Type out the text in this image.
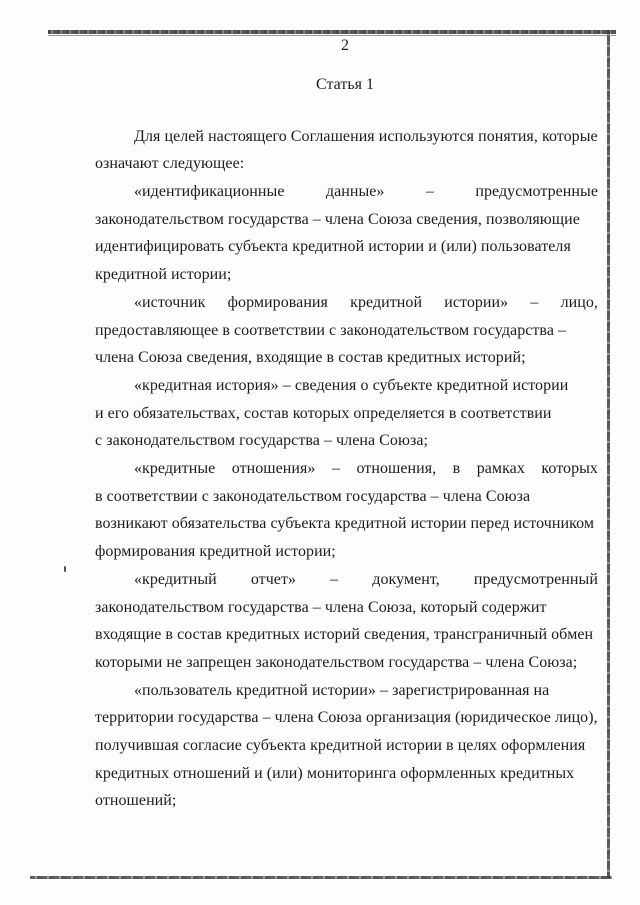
2
Статья 1
Для целей настоящего Соглашения используются понятия, которые
означают следующее:
«идентификационные	данные»	–	предусмотренные
законодательством государства – члена Союза сведения, позволяющие
идентифицировать субъекта кредитной истории и (или) пользователя
кредитной истории;
«источник формирования кредитной истории» – лицо,
предоставляющее в соответствии с законодательством государства –
члена Союза сведения, входящие в состав кредитных историй;
«кредитная история» – сведения о субъекте кредитной истории
и его обязательствах, состав которых определяется в соответствии
с законодательством государства – члена Союза;
«кредитные отношения» – отношения, в рамках которых
в соответствии с законодательством государства – члена Союза
возникают обязательства субъекта кредитной истории перед источником
формирования кредитной истории;
«кредитный отчет» – документ, предусмотренный
законодательством государства – члена Союза, который содержит
входящие в состав кредитных историй сведения, трансграничный обмен
которыми не запрещен законодательством государства – члена Союза;
«пользователь кредитной истории» – зарегистрированная на
территории государства – члена Союза организация (юридическое лицо),
получившая согласие субъекта кредитной истории в целях оформления
кредитных отношений и (или) мониторинга оформленных кредитных
отношений;
